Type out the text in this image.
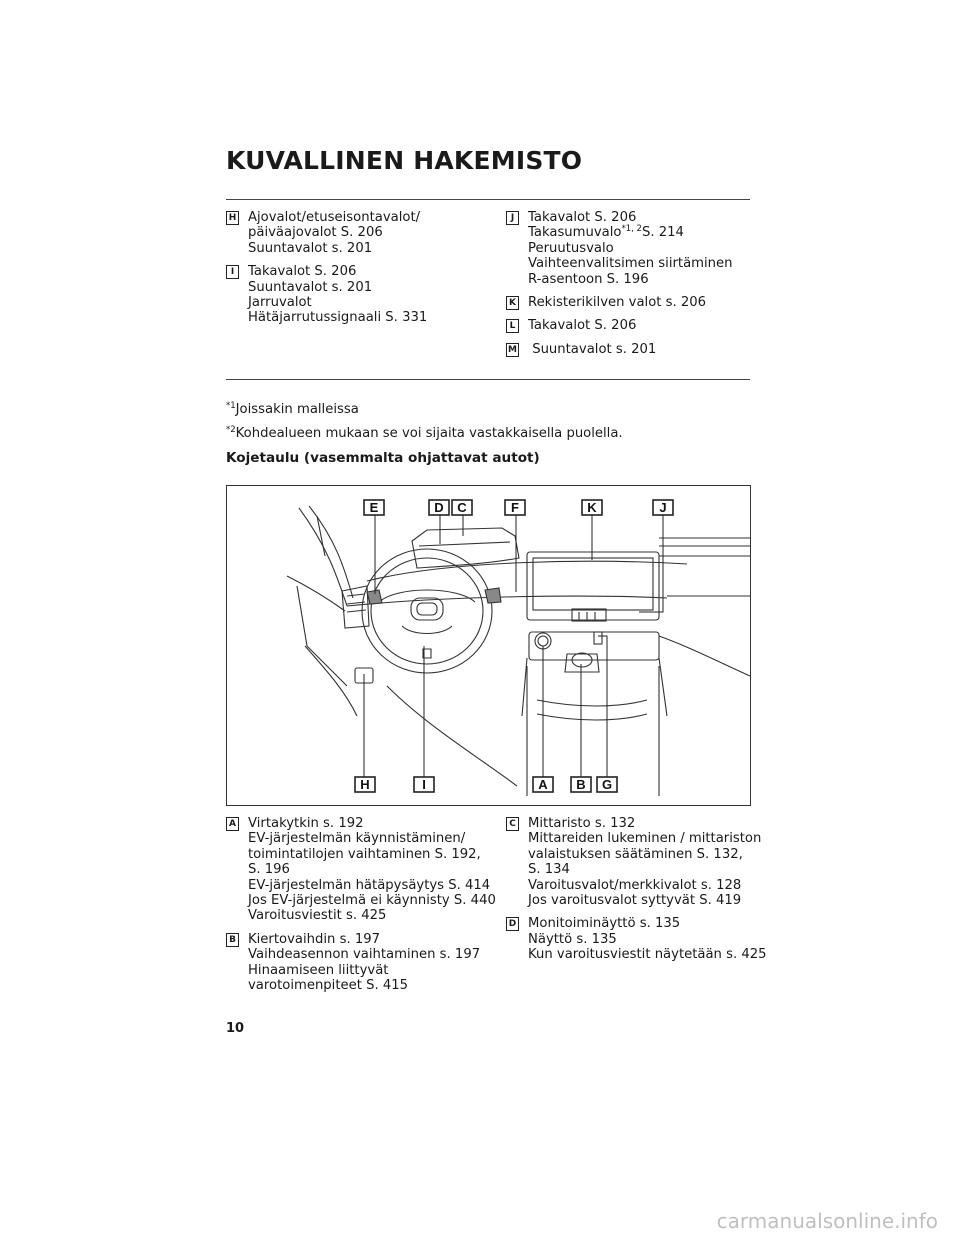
KUVALLINEN HAKEMISTO
H Ajovalot/etuseisontavalot/
päiväajovalot S. 206
Suuntavalot s. 201
I	Takavalot S. 206
Suuntavalot s. 201
Jarruvalot
Hätäjarrutussignaali S. 331
J	Takavalot S. 206
Takasumuvalo$^{*1, 2}$S. 214
Peruutusvalo
Vaihteenvalitsimen siirtäminen
R-asentoon S. 196
K Rekisterikilven valot s. 206
L Takavalot S. 206
M Suuntavalot s. 201
$^{*1}$Joissakin malleissa
$^{*2}$Kohdealueen mukaan se voi sijaita vastakkaisella puolella.
Kojetaulu (vasemmalta ohjattavat autot)
E	D C	F	K	J
H	I	A B G
A Virtakytkin s. 192
EV-järjestelmän käynnistäminen/
toimintatilojen vaihtaminen S. 192,
S. 196
EV-järjestelmän hätäpysäytys S. 414
Jos EV-järjestelmä ei käynnisty S. 440
Varoitusviestit s. 425
B Kiertovaihdin s. 197
Vaihdeasennon vaihtaminen s. 197
Hinaamiseen liittyvät
varotoimenpiteet S. 415
C Mittaristo s. 132
Mittareiden lukeminen / mittariston
valaistuksen säätäminen S. 132,
S. 134
Varoitusvalot/merkkivalot s. 128
Jos varoitusvalot syttyvät S. 419
D Monitoiminäyttö s. 135
Näyttö s. 135
Kun varoitusviestit näytetään s. 425
10
carmanualsonline.info
